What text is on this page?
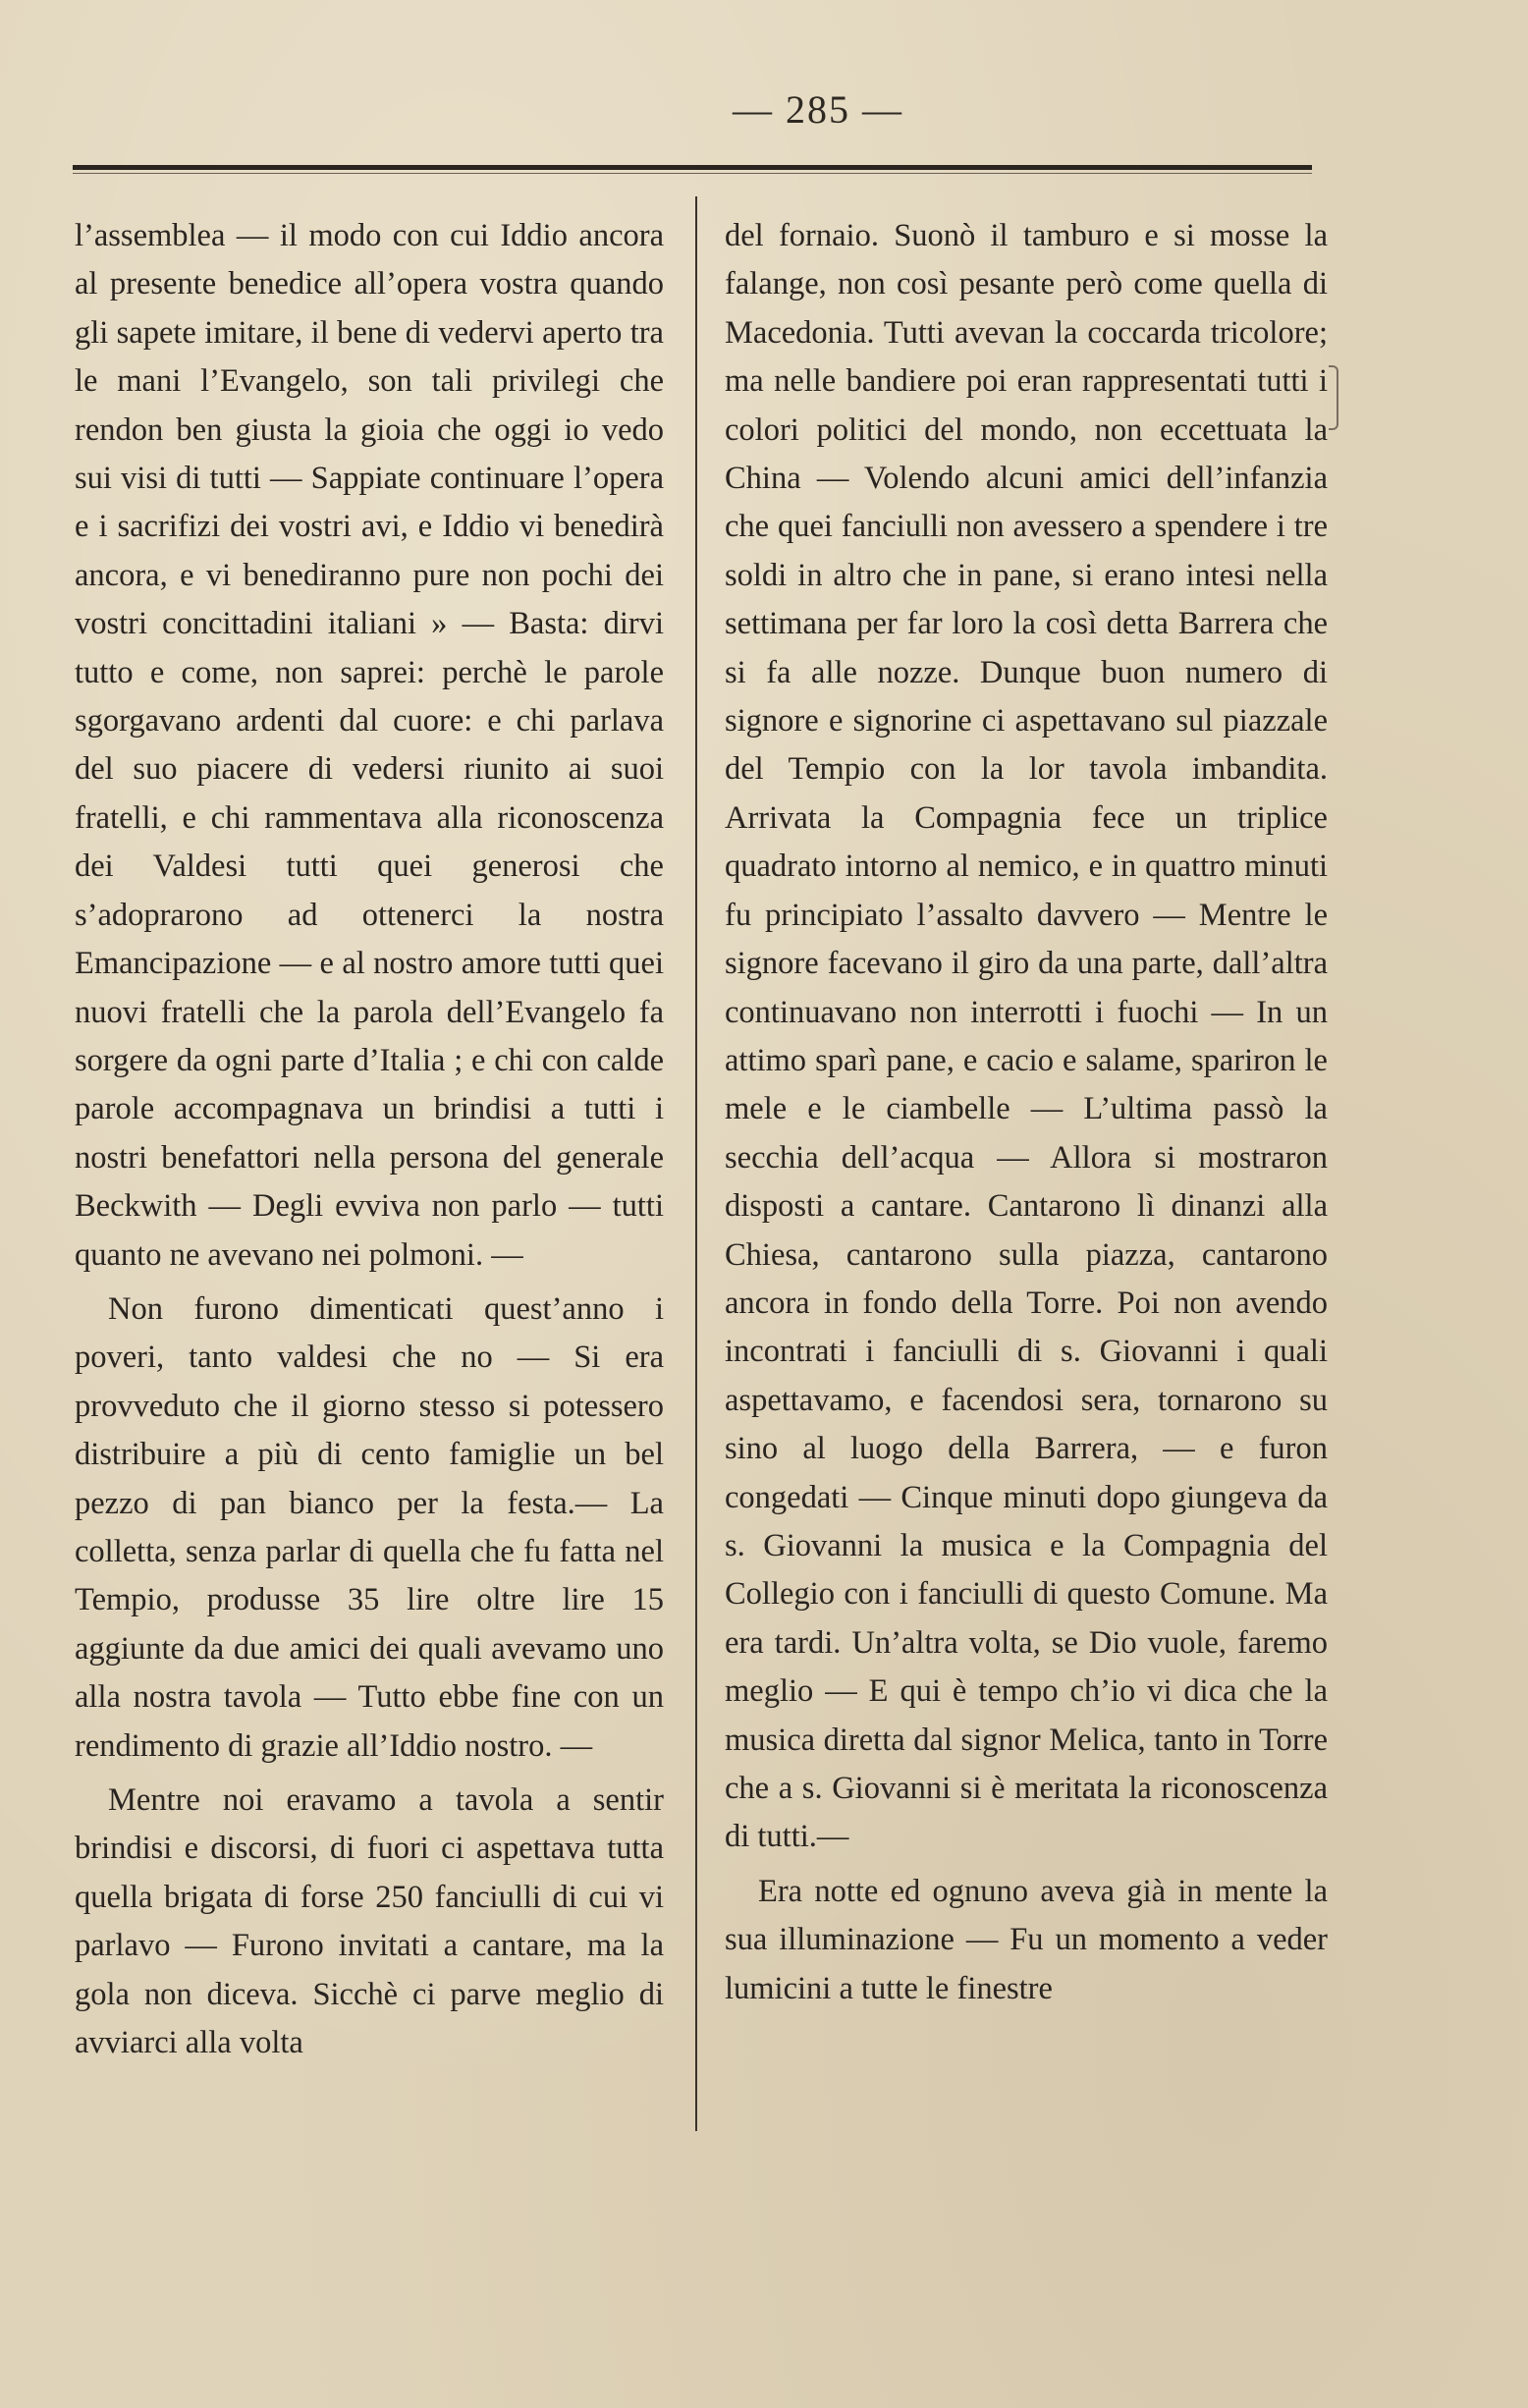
— 285 —

l’assemblea — il modo con cui Iddio ancora al presente benedice all’opera vostra quando gli sapete imitare, il bene di vedervi aperto tra le mani l’Evangelo, son tali privilegi che rendon ben giusta la gioia che oggi io vedo sui visi di tutti — Sappiate continuare l’opera e i sacrifizi dei vostri avi, e Iddio vi benedirà ancora, e vi benediranno pure non pochi dei vostri concittadini italiani » — Basta: dirvi tutto e come, non saprei: perchè le parole sgorgavano ardenti dal cuore: e chi parlava del suo piacere di vedersi riunito ai suoi fratelli, e chi rammentava alla riconoscenza dei Valdesi tutti quei generosi che s’adoprarono ad ottenerci la nostra Emancipazione — e al nostro amore tutti quei nuovi fratelli che la parola dell’Evangelo fa sorgere da ogni parte d’Italia ; e chi con calde parole accompagnava un brindisi a tutti i nostri benefattori nella persona del generale Beckwith — Degli evviva non parlo — tutti quanto ne avevano nei polmoni. —

Non furono dimenticati quest’anno i poveri, tanto valdesi che no — Si era provveduto che il giorno stesso si potessero distribuire a più di cento famiglie un bel pezzo di pan bianco per la festa.— La colletta, senza parlar di quella che fu fatta nel Tempio, produsse 35 lire oltre lire 15 aggiunte da due amici dei quali avevamo uno alla nostra tavola — Tutto ebbe fine con un rendimento di grazie all’Iddio nostro. —

Mentre noi eravamo a tavola a sentir brindisi e discorsi, di fuori ci aspettava tutta quella brigata di forse 250 fanciulli di cui vi parlavo — Furono invitati a cantare, ma la gola non diceva. Sicchè ci parve meglio di avviarci alla volta

del fornaio. Suonò il tamburo e si mosse la falange, non così pesante però come quella di Macedonia. Tutti avevan la coccarda tricolore; ma nelle bandiere poi eran rappresentati tutti i colori politici del mondo, non eccettuata la China — Volendo alcuni amici dell’infanzia che quei fanciulli non avessero a spendere i tre soldi in altro che in pane, si erano intesi nella settimana per far loro la così detta Barrera che si fa alle nozze. Dunque buon numero di signore e signorine ci aspettavano sul piazzale del Tempio con la lor tavola imbandita. Arrivata la Compagnia fece un triplice quadrato intorno al nemico, e in quattro minuti fu principiato l’assalto davvero — Mentre le signore facevano il giro da una parte, dall’altra continuavano non interrotti i fuochi — In un attimo sparì pane, e cacio e salame, spariron le mele e le ciambelle — L’ultima passò la secchia dell’acqua — Allora si mostraron disposti a cantare. Cantarono lì dinanzi alla Chiesa, cantarono sulla piazza, cantarono ancora in fondo della Torre. Poi non avendo incontrati i fanciulli di s. Giovanni i quali aspettavamo, e facendosi sera, tornarono su sino al luogo della Barrera, — e furon congedati — Cinque minuti dopo giungeva da s. Giovanni la musica e la Compagnia del Collegio con i fanciulli di questo Comune. Ma era tardi. Un’altra volta, se Dio vuole, faremo meglio — E qui è tempo ch’io vi dica che la musica diretta dal signor Melica, tanto in Torre che a s. Giovanni si è meritata la riconoscenza di tutti.—

Era notte ed ognuno aveva già in mente la sua illuminazione — Fu un momento a veder lumicini a tutte le finestre
